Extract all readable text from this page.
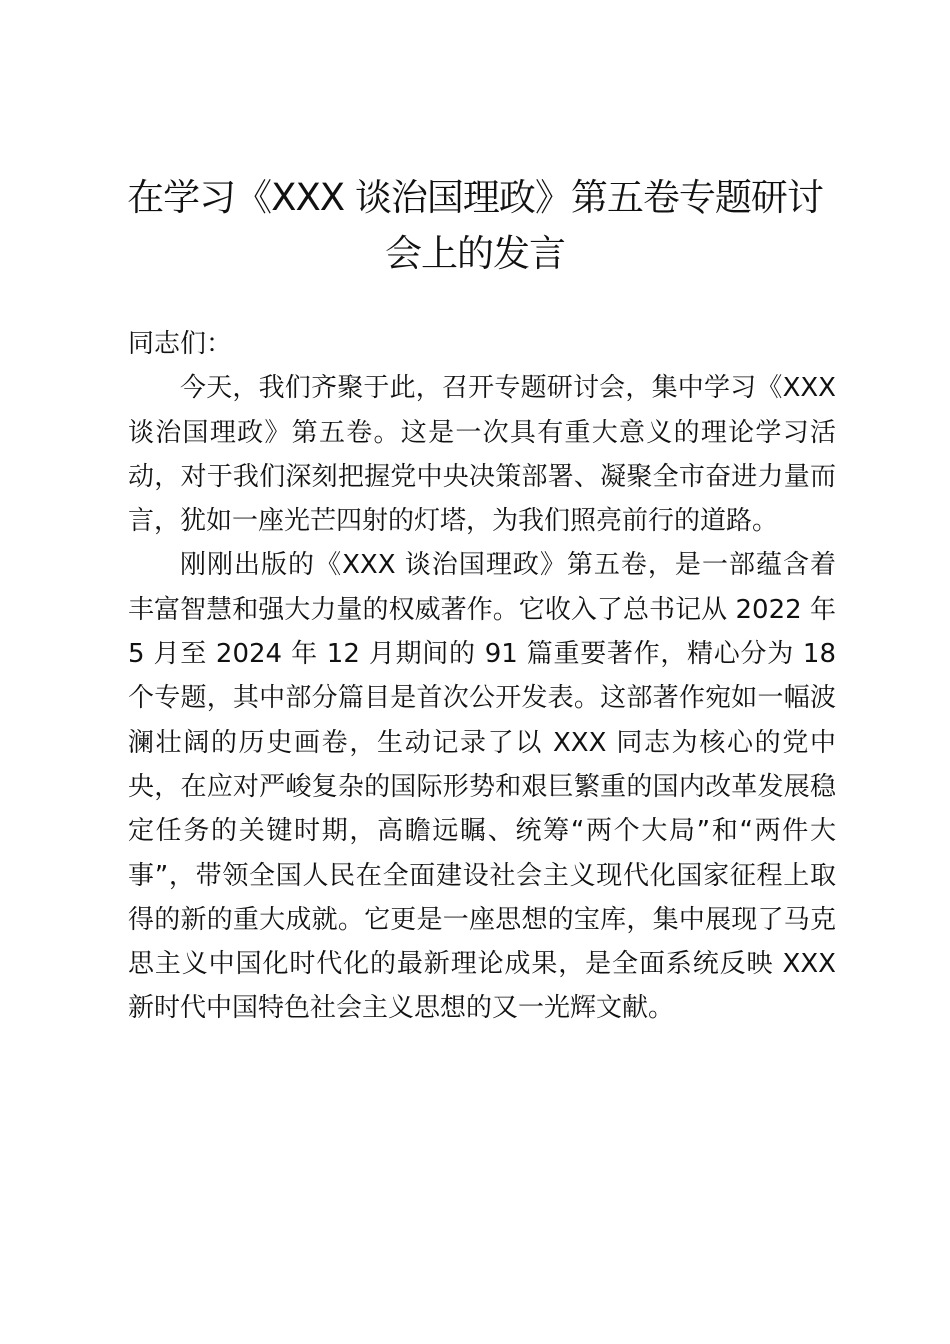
在学习《XXX 谈治国理政》第五卷专题研讨会上的发言

同志们：

今天，我们齐聚于此，召开专题研讨会，集中学习《XXX谈治国理政》第五卷。这是一次具有重大意义的理论学习活动，对于我们深刻把握党中央决策部署、凝聚全市奋进力量而言，犹如一座光芒四射的灯塔，为我们照亮前行的道路。

刚刚出版的《XXX 谈治国理政》第五卷，是一部蕴含着丰富智慧和强大力量的权威著作。它收入了总书记从 2022 年 5 月至 2024 年 12 月期间的 91 篇重要著作，精心分为 18 个专题，其中部分篇目是首次公开发表。这部著作宛如一幅波澜壮阔的历史画卷，生动记录了以 XXX 同志为核心的党中央，在应对严峻复杂的国际形势和艰巨繁重的国内改革发展稳定任务的关键时期，高瞻远瞩、统筹“两个大局”和“两件大事”，带领全国人民在全面建设社会主义现代化国家征程上取得的新的重大成就。它更是一座思想的宝库，集中展现了马克思主义中国化时代化的最新理论成果，是全面系统反映 XXX 新时代中国特色社会主义思想的又一光辉文献。
